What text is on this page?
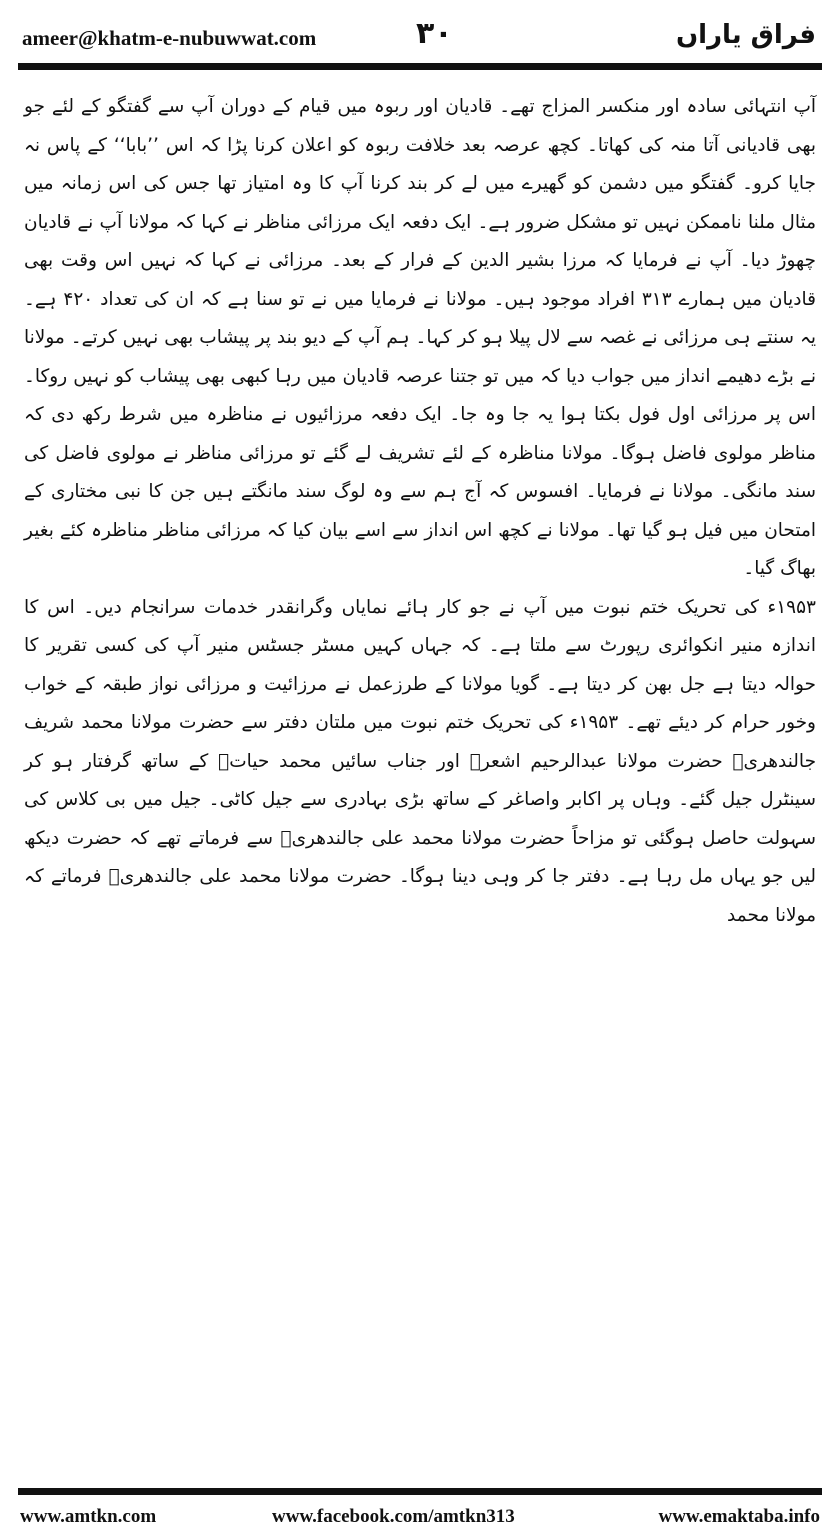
ameer@khatm-e-nubuwwat.com	۳۰	فراق یاراں

آپ انتہائی سادہ اور منکسر المزاج تھے۔ قادیان اور ربوہ میں قیام کے دوران آپ سے گفتگو کے لئے جو بھی قادیانی آتا منہ کی کھاتا۔ کچھ عرصہ بعد خلافت ربوہ کو اعلان کرنا پڑا کہ اس ’’بابا‘‘ کے پاس نہ جایا کرو۔ گفتگو میں دشمن کو گھیرے میں لے کر بند کرنا آپ کا وہ امتیاز تھا جس کی اس زمانہ میں مثال ملنا ناممکن نہیں تو مشکل ضرور ہے۔ ایک دفعہ ایک مرزائی مناظر نے کہا کہ مولانا آپ نے قادیان چھوڑ دیا۔ آپ نے فرمایا کہ مرزا بشیر الدین کے فرار کے بعد۔ مرزائی نے کہا کہ نہیں اس وقت بھی قادیان میں ہمارے ۳۱۳ افراد موجود ہیں۔ مولانا نے فرمایا میں نے تو سنا ہے کہ ان کی تعداد ۴۲۰ ہے۔ یہ سنتے ہی مرزائی نے غصہ سے لال پیلا ہو کر کہا۔ ہم آپ کے دیو بند پر پیشاب بھی نہیں کرتے۔ مولانا نے بڑے دھیمے انداز میں جواب دیا کہ میں تو جتنا عرصہ قادیان میں رہا کبھی بھی پیشاب کو نہیں روکا۔ اس پر مرزائی اول فول بکتا ہوا یہ جا وہ جا۔ ایک دفعہ مرزائیوں نے مناظرہ میں شرط رکھ دی کہ مناظر مولوی فاضل ہوگا۔ مولانا مناظرہ کے لئے تشریف لے گئے تو مرزائی مناظر نے مولوی فاضل کی سند مانگی۔ مولانا نے فرمایا۔ افسوس کہ آج ہم سے وہ لوگ سند مانگتے ہیں جن کا نبی مختاری کے امتحان میں فیل ہو گیا تھا۔ مولانا نے کچھ اس انداز سے اسے بیان کیا کہ مرزائی مناظر مناظرہ کئے بغیر بھاگ گیا۔

۱۹۵۳ء کی تحریک ختم نبوت میں آپ نے جو کار ہائے نمایاں وگرانقدر خدمات سرانجام دیں۔ اس کا اندازہ منیر انکوائری رپورٹ سے ملتا ہے۔ کہ جہاں کہیں مسٹر جسٹس منیر آپ کی کسی تقریر کا حوالہ دیتا ہے جل بھن کر دیتا ہے۔ گویا مولانا کے طرزعمل نے مرزائیت و مرزائی نواز طبقہ کے خواب وخور حرام کر دیئے تھے۔ ۱۹۵۳ء کی تحریک ختم نبوت میں ملتان دفتر سے حضرت مولانا محمد شریف جالندھریؒ حضرت مولانا عبدالرحیم اشعرؒ اور جناب سائیں محمد حیاتؒ کے ساتھ گرفتار ہو کر سینٹرل جیل گئے۔ وہاں پر اکابر واصاغر کے ساتھ بڑی بہادری سے جیل کاٹی۔ جیل میں بی کلاس کی سہولت حاصل ہوگئی تو مزاحاً حضرت مولانا محمد علی جالندھریؒ سے فرماتے تھے کہ حضرت دیکھ لیں جو یہاں مل رہا ہے۔ دفتر جا کر وہی دینا ہوگا۔ حضرت مولانا محمد علی جالندھریؒ فرماتے کہ مولانا محمد

www.amtkn.com	www.facebook.com/amtkn313	www.emaktaba.info
